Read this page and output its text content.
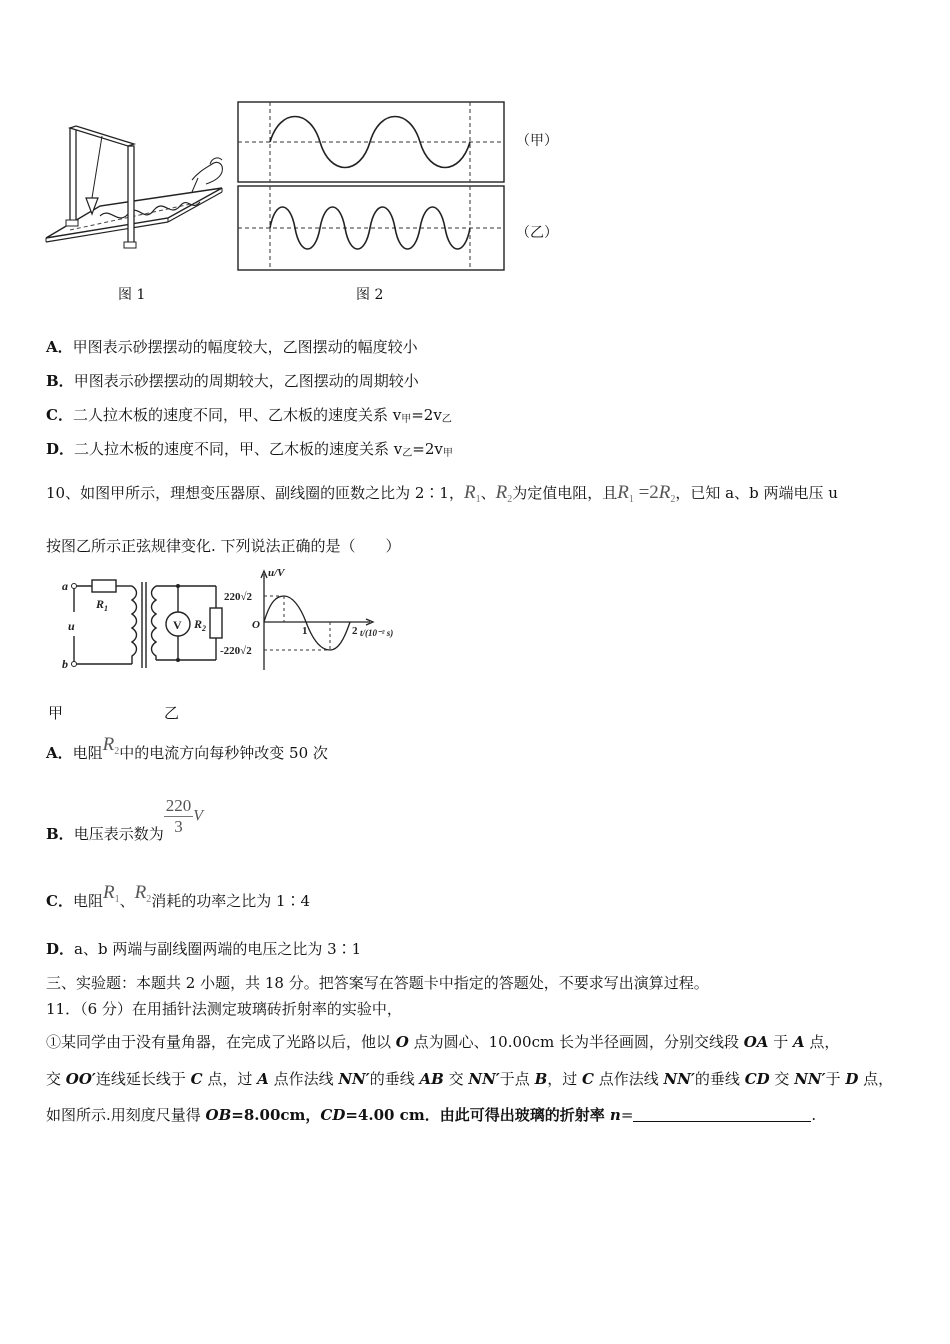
图 1	图 2
（甲）
（乙）
A．甲图表示砂摆摆动的幅度较大，乙图摆动的幅度较小
B．甲图表示砂摆摆动的周期较大，乙图摆动的周期较小
C．二人拉木板的速度不同，甲、乙木板的速度关系 $v_甲=2v_乙$
D．二人拉木板的速度不同，甲、乙木板的速度关系 $v_乙=2v_甲$
10、如图甲所示，理想变压器原、副线圈的匝数之比为 2∶1，$R_1$、$R_2$为定值电阻，且$R_1 =2R_2$，已知 a、b 两端电压 u
按图乙所示正弦规律变化. 下列说法正确的是（　　）
a
b
u
$R_1$
V $R_2$
u/V
220√2
-220√2
O	1	2 t/(10⁻² s)
甲	乙
A．电阻$R_2$中的电流方向每秒钟改变 50 次
B．电压表示数为 $\frac{220}{3}$ V
C．电阻$R_1$、$R_2$消耗的功率之比为 1∶4
D．a、b 两端与副线圈两端的电压之比为 3∶1
三、实验题：本题共 2 小题，共 18 分。把答案写在答题卡中指定的答题处，不要求写出演算过程。
11．（6 分）在用插针法测定玻璃砖折射率的实验中，
①某同学由于没有量角器，在完成了光路以后，他以 O 点为圆心、10.00cm 长为半径画圆，分别交线段 OA 于 A 点，
交 OO′连线延长线于 C 点，过 A 点作法线 NN′的垂线 AB 交 NN′于点 B，过 C 点作法线 NN′的垂线 CD 交 NN′于 D 点，
如图所示.用刻度尺量得 OB=8.00cm，CD=4.00 cm．由此可得出玻璃的折射率 n=	.
